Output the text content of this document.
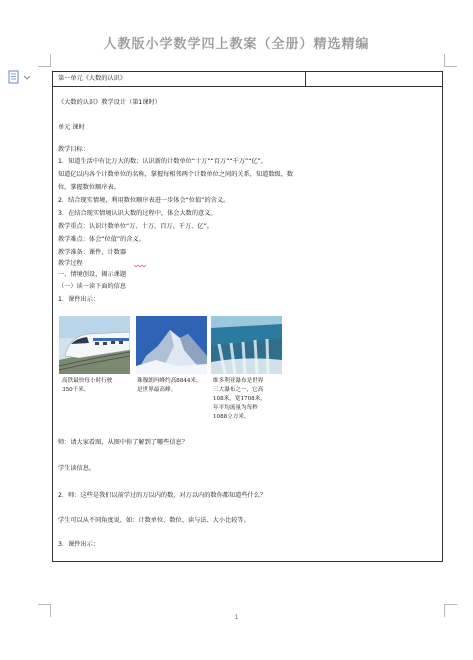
人教版小学数学四上教案（全册）精选精编
第一单元《大数的认识》
《大数的认识》教学设计（第1课时）
单元 课时
教学目标：
1．知道生活中有比万大的数；认识新的计数单位“十万”“百万”“千万”“亿”，
知道亿以内各个计数单位的名称，掌握每相邻两个计数单位之间的关系，知道数级、数
位，掌握数位顺序表。
2．结合现实情境，利用数位顺序表进一步体会“位值”的含义。
3．在结合现实情境认识大数的过程中，体会大数的意义。
教学重点：认识计数单位“万、十万、百万、千万、亿”。
教学难点：体会“位值”的含义。
教学准备：课件、计数器
教学过程
一、情境创设，揭示课题
（一）读一读下面的信息
1．课件出示：
师：请大家看图，从图中你了解到了哪些信息？
学生读信息。
2．师：这些是我们以前学过的万以内的数，对万以内的数你都知道些什么？
学生可以从不同角度说，如：计数单位、数位、读与法、大小比较等。
3．课件出示：
高铁最快每小时行驶
350千米。
珠穆朗玛峰约高8844米，
是世界最高峰。
维多利亚瀑布是世界
三大瀑布之一，它高
108米，宽1708米，
年平均流量为每秒
1088立方米。
1
